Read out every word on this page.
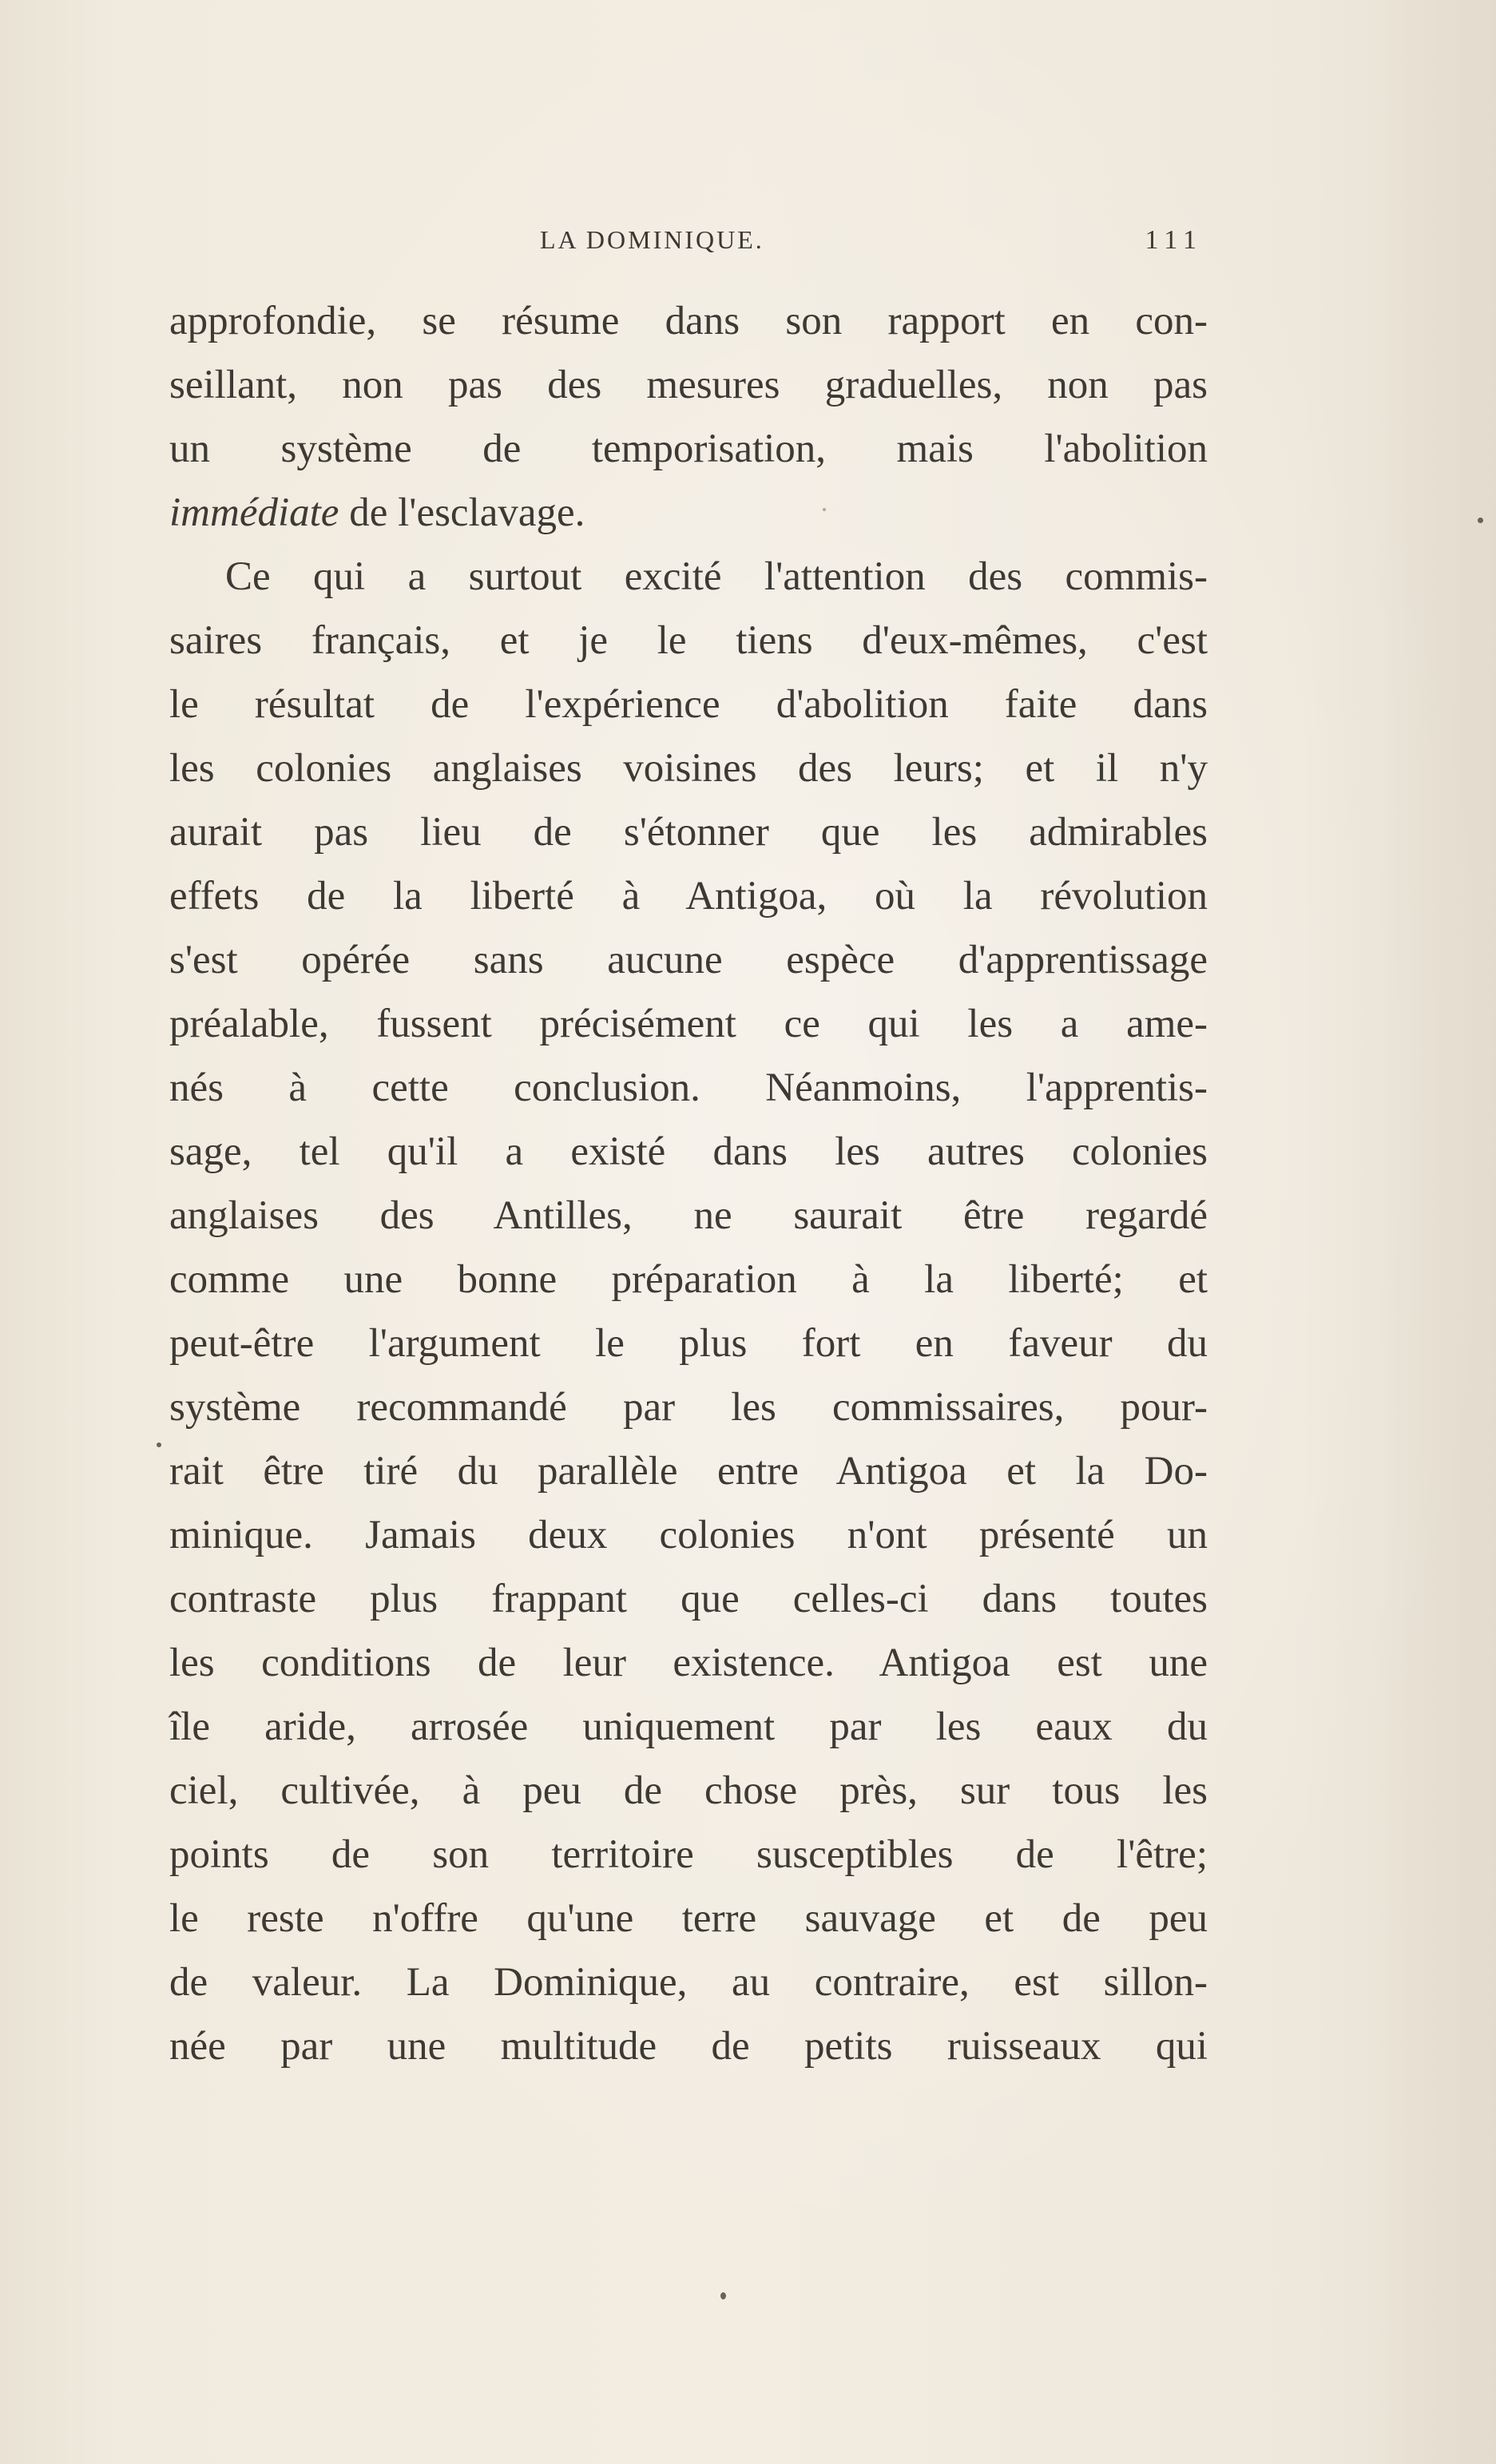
LA DOMINIQUE.	111
approfondie, se résume dans son rapport en con-
seillant, non pas des mesures graduelles, non pas
un système de temporisation, mais l'abolition
immédiate de l'esclavage.
Ce qui a surtout excité l'attention des commis-
saires français, et je le tiens d'eux-mêmes, c'est
le résultat de l'expérience d'abolition faite dans
les colonies anglaises voisines des leurs; et il n'y
aurait pas lieu de s'étonner que les admirables
effets de la liberté à Antigoa, où la révolution
s'est opérée sans aucune espèce d'apprentissage
préalable, fussent précisément ce qui les a ame-
nés à cette conclusion. Néanmoins, l'apprentis-
sage, tel qu'il a existé dans les autres colonies
anglaises des Antilles, ne saurait être regardé
comme une bonne préparation à la liberté; et
peut-être l'argument le plus fort en faveur du
système recommandé par les commissaires, pour-
rait être tiré du parallèle entre Antigoa et la Do-
minique. Jamais deux colonies n'ont présenté un
contraste plus frappant que celles-ci dans toutes
les conditions de leur existence. Antigoa est une
île aride, arrosée uniquement par les eaux du
ciel, cultivée, à peu de chose près, sur tous les
points de son territoire susceptibles de l'être;
le reste n'offre qu'une terre sauvage et de peu
de valeur. La Dominique, au contraire, est sillon-
née par une multitude de petits ruisseaux qui
